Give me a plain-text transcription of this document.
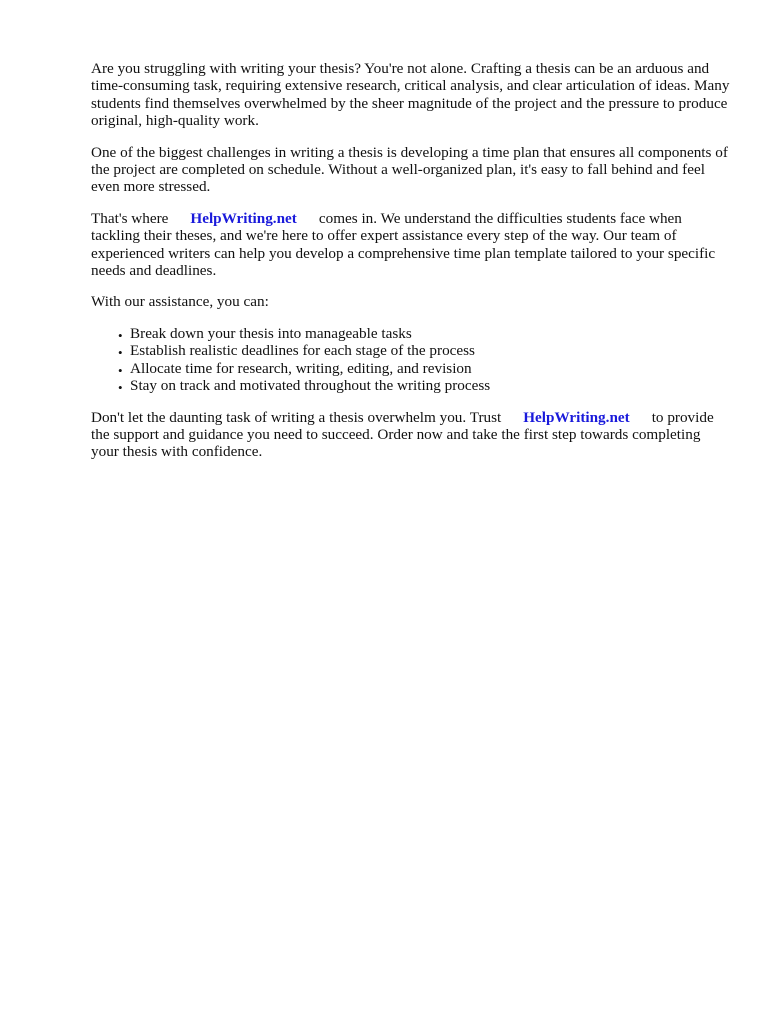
Are you struggling with writing your thesis? You're not alone. Crafting a thesis can be an arduous and time-consuming task, requiring extensive research, critical analysis, and clear articulation of ideas. Many students find themselves overwhelmed by the sheer magnitude of the project and the pressure to produce original, high-quality work.

One of the biggest challenges in writing a thesis is developing a time plan that ensures all components of the project are completed on schedule. Without a well-organized plan, it's easy to fall behind and feel even more stressed.

That's where HelpWriting.net comes in. We understand the difficulties students face when tackling their theses, and we're here to offer expert assistance every step of the way. Our team of experienced writers can help you develop a comprehensive time plan template tailored to your specific needs and deadlines.

With our assistance, you can:

• Break down your thesis into manageable tasks
• Establish realistic deadlines for each stage of the process
• Allocate time for research, writing, editing, and revision
• Stay on track and motivated throughout the writing process

Don't let the daunting task of writing a thesis overwhelm you. Trust HelpWriting.net to provide the support and guidance you need to succeed. Order now and take the first step towards completing your thesis with confidence.
